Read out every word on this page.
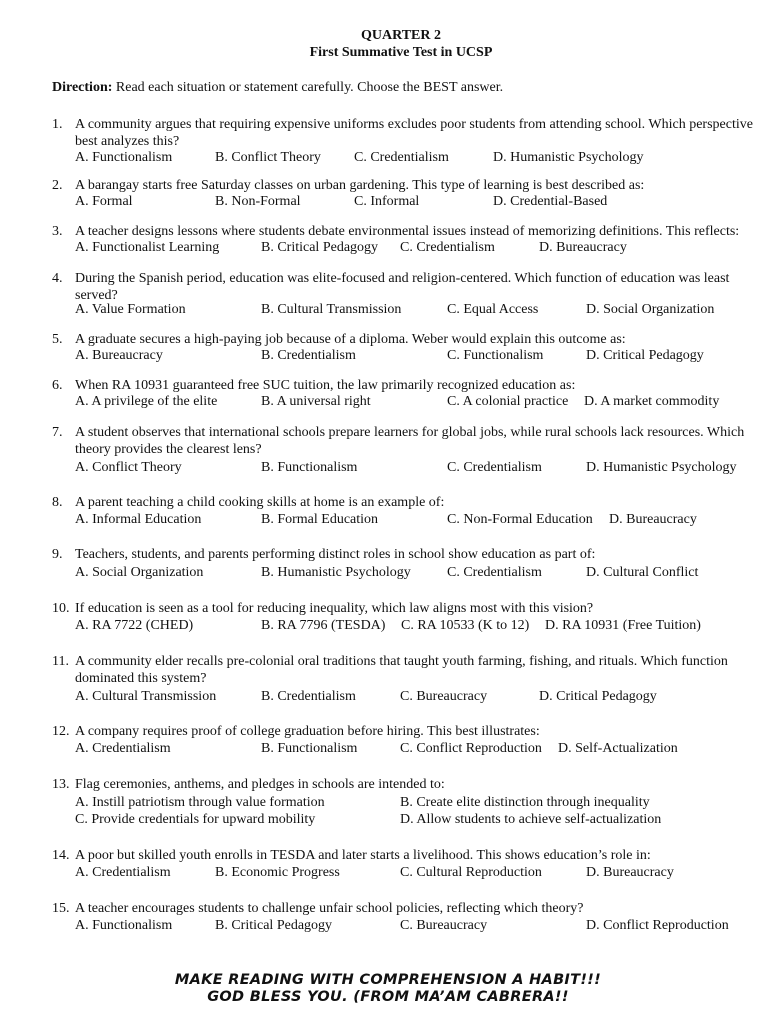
QUARTER 2
First Summative Test in UCSP
Direction: Read each situation or statement carefully. Choose the BEST answer.
1. A community argues that requiring expensive uniforms excludes poor students from attending school. Which perspective best analyzes this?
A. Functionalism	B. Conflict Theory C. Credentialism	D. Humanistic Psychology
2. A barangay starts free Saturday classes on urban gardening. This type of learning is best described as:
A. Formal	B. Non-Formal	C. Informal	D. Credential-Based
3. A teacher designs lessons where students debate environmental issues instead of memorizing definitions. This reflects:
A. Functionalist Learning	B. Critical Pedagogy C. Credentialism	D. Bureaucracy
4. During the Spanish period, education was elite-focused and religion-centered. Which function of education was least served?
A. Value Formation	B. Cultural Transmission	C. Equal Access	D. Social Organization
5. A graduate secures a high-paying job because of a diploma. Weber would explain this outcome as:
A. Bureaucracy	B. Credentialism	C. Functionalism	D. Critical Pedagogy
6. When RA 10931 guaranteed free SUC tuition, the law primarily recognized education as:
A. A privilege of the elite	B. A universal right	C. A colonial practice D. A market commodity
7. A student observes that international schools prepare learners for global jobs, while rural schools lack resources. Which theory provides the clearest lens?
A. Conflict Theory	B. Functionalism	C. Credentialism	D. Humanistic Psychology
8. A parent teaching a child cooking skills at home is an example of:
A. Informal Education	B. Formal Education	C. Non-Formal Education D. Bureaucracy
9. Teachers, students, and parents performing distinct roles in school show education as part of:
A. Social Organization	B. Humanistic Psychology	C. Credentialism	D. Cultural Conflict
10. If education is seen as a tool for reducing inequality, which law aligns most with this vision?
A. RA 7722 (CHED)	B. RA 7796 (TESDA) C. RA 10533 (K to 12) D. RA 10931 (Free Tuition)
11. A community elder recalls pre-colonial oral traditions that taught youth farming, fishing, and rituals. Which function dominated this system?
A. Cultural Transmission	B. Credentialism	C. Bureaucracy	D. Critical Pedagogy
12. A company requires proof of college graduation before hiring. This best illustrates:
A. Credentialism	B. Functionalism	C. Conflict Reproduction D. Self-Actualization
13. Flag ceremonies, anthems, and pledges in schools are intended to:
A. Instill patriotism through value formation	B. Create elite distinction through inequality
C. Provide credentials for upward mobility	D. Allow students to achieve self-actualization
14. A poor but skilled youth enrolls in TESDA and later starts a livelihood. This shows education’s role in:
A. Credentialism	B. Economic Progress	C. Cultural Reproduction	D. Bureaucracy
15. A teacher encourages students to challenge unfair school policies, reflecting which theory?
A. Functionalism	B. Critical Pedagogy	C. Bureaucracy	D. Conflict Reproduction
MAKE READING WITH COMPREHENSION A HABIT!!!
GOD BLESS YOU. (FROM MA’AM CABRERA!!
